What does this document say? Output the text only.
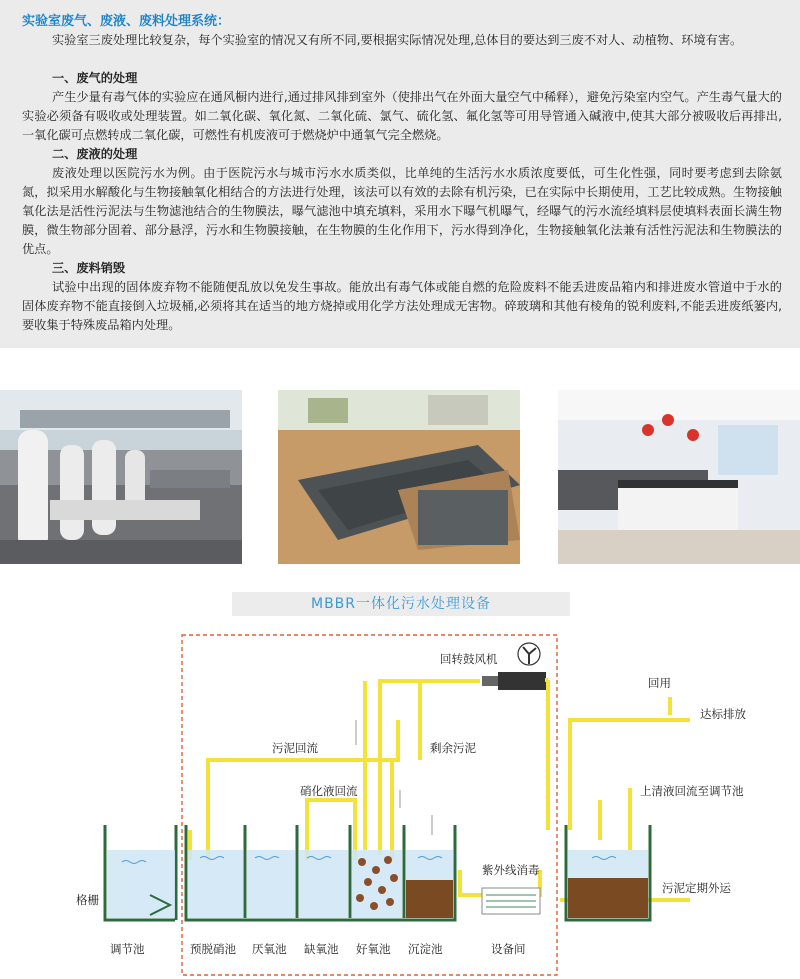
实验室废气、废液、废料处理系统：

实验室三废处理比较复杂，每个实验室的情况又有所不同,要根据实际情况处理,总体目的要达到三废不对人、动植物、环境有害。

一、废气的处理

产生少量有毒气体的实验应在通风橱内进行,通过排风排到室外（使排出气在外面大量空气中稀释），避免污染室内空气。产生毒气量大的实验必须备有吸收或处理装置。如二氧化碳、氧化氮、二氧化硫、氯气、硫化氢、氟化氢等可用导管通入碱液中,使其大部分被吸收后再排出,一氧化碳可点燃转成二氧化碳，可燃性有机废液可于燃烧炉中通氧气完全燃烧。

二、废液的处理

废液处理以医院污水为例。由于医院污水与城市污水水质类似，比单纯的生活污水水质浓度要低，可生化性强，同时要考虑到去除氨氮，拟采用水解酸化与生物接触氧化相结合的方法进行处理，该法可以有效的去除有机污染，已在实际中长期使用，工艺比较成熟。生物接触氧化法是活性污泥法与生物滤池结合的生物膜法，曝气滤池中填充填料，采用水下曝气机曝气，经曝气的污水流经填料层使填料表面长满生物膜，微生物部分固着、部分悬浮，污水和生物膜接触，在生物膜的生化作用下，污水得到净化，生物接触氧化法兼有活性污泥法和生物膜法的优点。

三、废料销毁

试验中出现的固体废弃物不能随便乱放以免发生事故。能放出有毒气体或能自燃的危险废料不能丢进废品箱内和排进废水管道中于水的固体废弃物不能直接倒入垃圾桶,必须将其在适当的地方烧掉或用化学方法处理成无害物。碎玻璃和其他有棱角的锐利废料,不能丢进废纸篓内,要收集于特殊废品箱内处理。

MBBR一体化污水处理设备
回转鼓风机
回用
达标排放
污泥回流	剩余污泥
硝化液回流	上清液回流至调节池
紫外线消毒
污泥定期外运
格栅
调节池	预脱硝池 厌氧池 缺氧池 好氧池 沉淀池	设备间
